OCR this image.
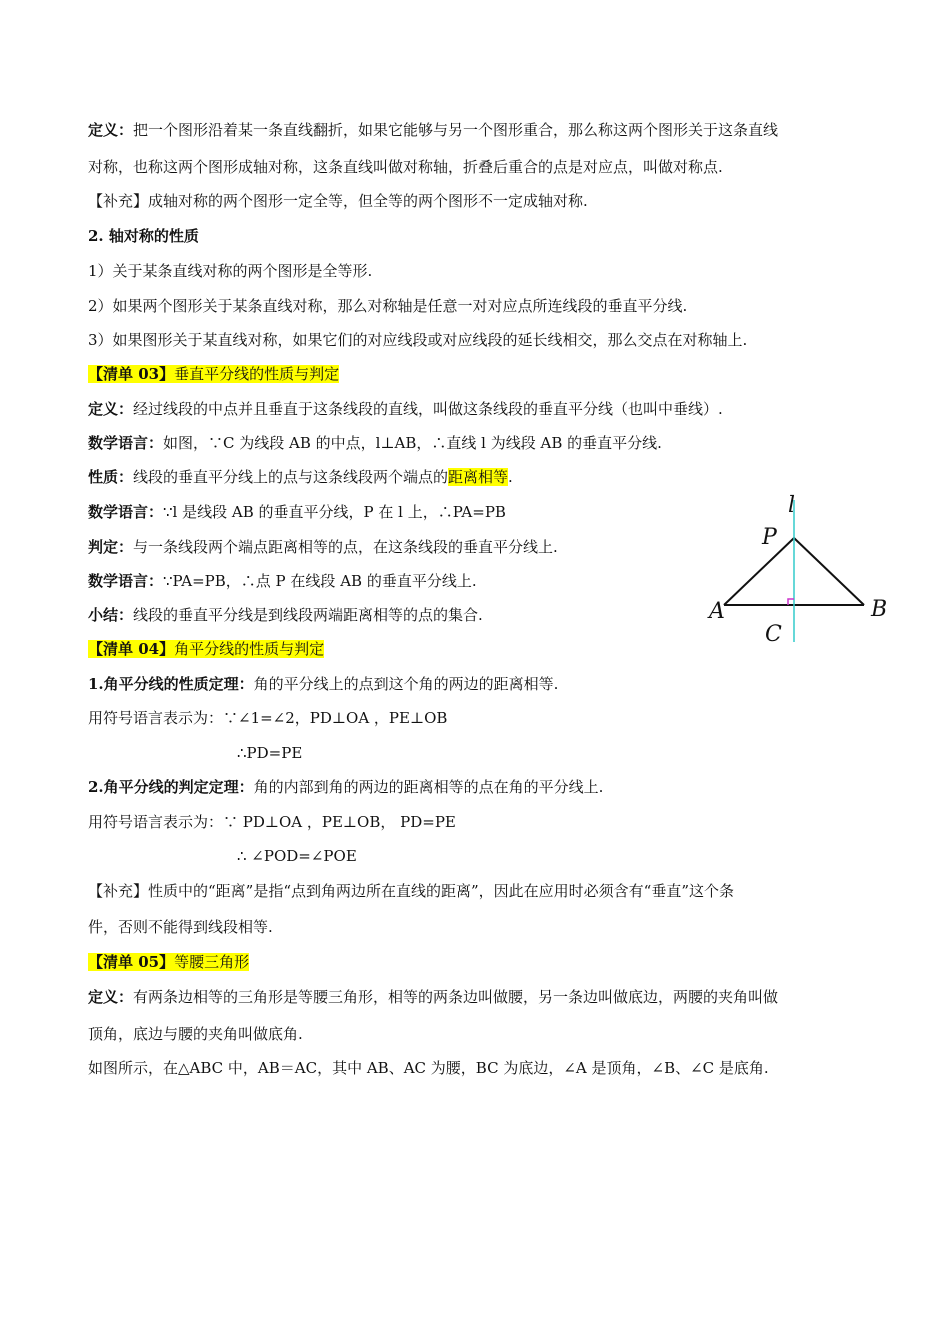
定义：把一个图形沿着某一条直线翻折，如果它能够与另一个图形重合，那么称这两个图形关于这条直线
对称，也称这两个图形成轴对称，这条直线叫做对称轴，折叠后重合的点是对应点，叫做对称点.
【补充】成轴对称的两个图形一定全等，但全等的两个图形不一定成轴对称.
2. 轴对称的性质
1）关于某条直线对称的两个图形是全等形.
2）如果两个图形关于某条直线对称，那么对称轴是任意一对对应点所连线段的垂直平分线.
3）如果图形关于某直线对称，如果它们的对应线段或对应线段的延长线相交，那么交点在对称轴上.
【清单 03】垂直平分线的性质与判定
定义：经过线段的中点并且垂直于这条线段的直线，叫做这条线段的垂直平分线（也叫中垂线）.
数学语言：如图，∵C 为线段 AB 的中点，l⊥AB，∴直线 l 为线段 AB 的垂直平分线.
性质：线段的垂直平分线上的点与这条线段两个端点的距离相等.
数学语言：∵l 是线段 AB 的垂直平分线，P 在 l 上，∴PA=PB
判定：与一条线段两个端点距离相等的点，在这条线段的垂直平分线上.
数学语言：∵PA=PB，∴点 P 在线段 AB 的垂直平分线上.
小结：线段的垂直平分线是到线段两端距离相等的点的集合.
l
P
A	B
C
【清单 04】角平分线的性质与判定
1.角平分线的性质定理：角的平分线上的点到这个角的两边的距离相等.
用符号语言表示为：∵∠1=∠2，PD⊥OA ，PE⊥OB
∴PD=PE
2.角平分线的判定定理：角的内部到角的两边的距离相等的点在角的平分线上.
用符号语言表示为：∵ PD⊥OA ，PE⊥OB， PD=PE
∴ ∠POD=∠POE
【补充】性质中的“距离”是指“点到角两边所在直线的距离”，因此在应用时必须含有“垂直”这个条
件，否则不能得到线段相等.
【清单 05】等腰三角形
定义：有两条边相等的三角形是等腰三角形，相等的两条边叫做腰，另一条边叫做底边，两腰的夹角叫做
顶角，底边与腰的夹角叫做底角.
如图所示，在△ABC 中，AB＝AC，其中 AB、AC 为腰，BC 为底边，∠A 是顶角，∠B、∠C 是底角.
